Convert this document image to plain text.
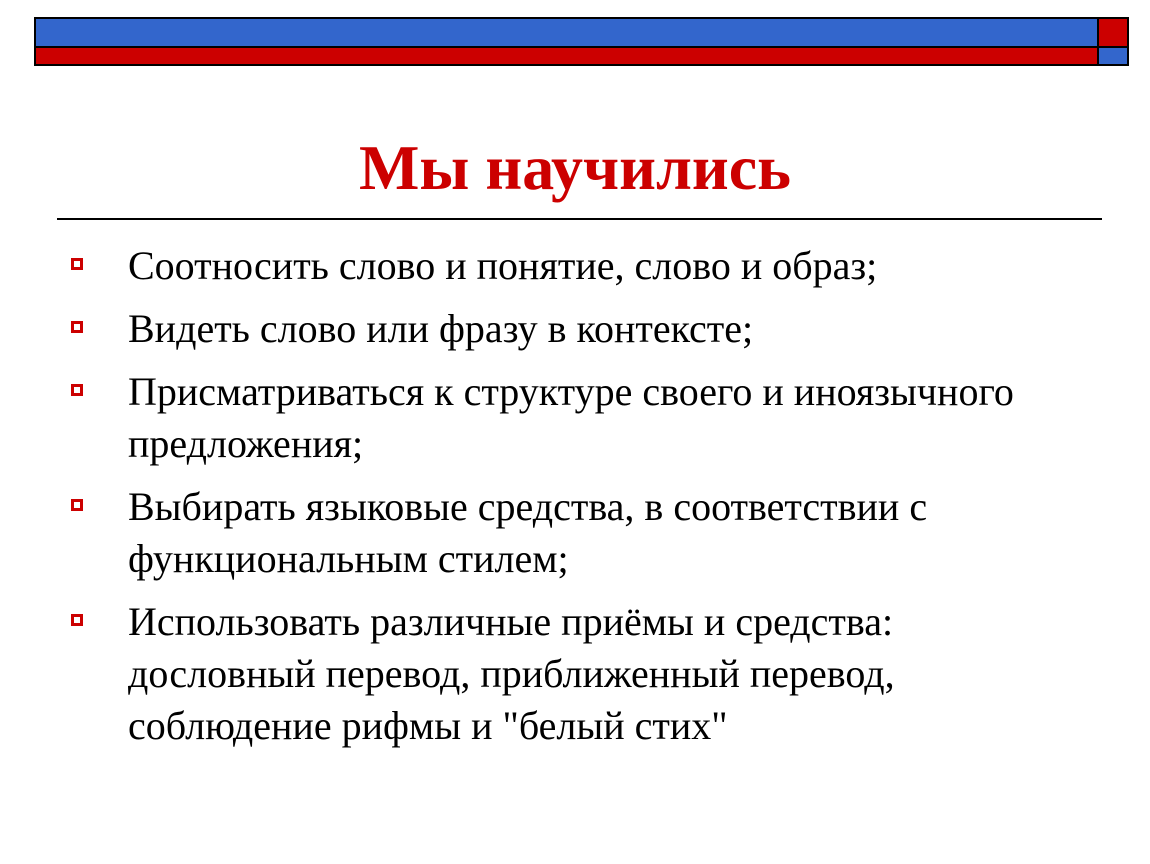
Мы научились
Соотносить слово и понятие, слово и образ;
Видеть слово или фразу в контексте;
Присматриваться к структуре своего и иноязычного предложения;
Выбирать языковые средства, в соответствии с функциональным стилем;
Использовать различные приёмы и средства: дословный перевод, приближенный перевод, соблюдение рифмы и "белый стих"
